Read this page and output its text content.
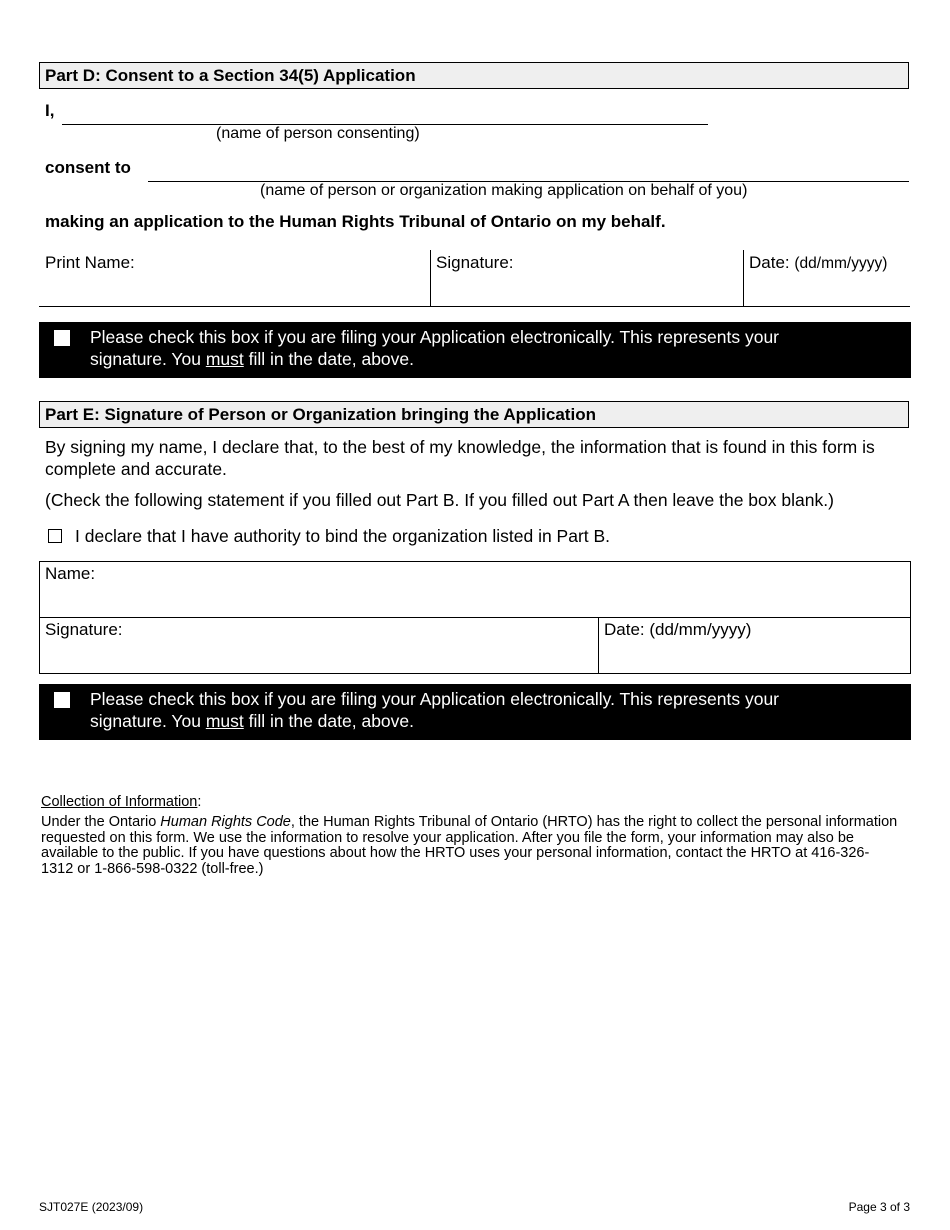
Part D: Consent to a Section 34(5) Application
I,
(name of person consenting)
consent to
(name of person or organization making application on behalf of you)
making an application to the Human Rights Tribunal of Ontario on my behalf.
Print Name:	Signature:	Date: (dd/mm/yyyy)
Please check this box if you are filing your Application electronically. This represents your signature. You must fill in the date, above.
Part E: Signature of Person or Organization bringing the Application
By signing my name, I declare that, to the best of my knowledge, the information that is found in this form is complete and accurate.
(Check the following statement if you filled out Part B. If you filled out Part A then leave the box blank.)
I declare that I have authority to bind the organization listed in Part B.
Name:
Signature:	Date: (dd/mm/yyyy)
Please check this box if you are filing your Application electronically. This represents your signature. You must fill in the date, above.
Collection of Information:
Under the Ontario Human Rights Code, the Human Rights Tribunal of Ontario (HRTO) has the right to collect the personal information requested on this form. We use the information to resolve your application. After you file the form, your information may also be available to the public. If you have questions about how the HRTO uses your personal information, contact the HRTO at 416-326-1312 or 1-866-598-0322 (toll-free.)
SJT027E (2023/09)	Page 3 of 3
